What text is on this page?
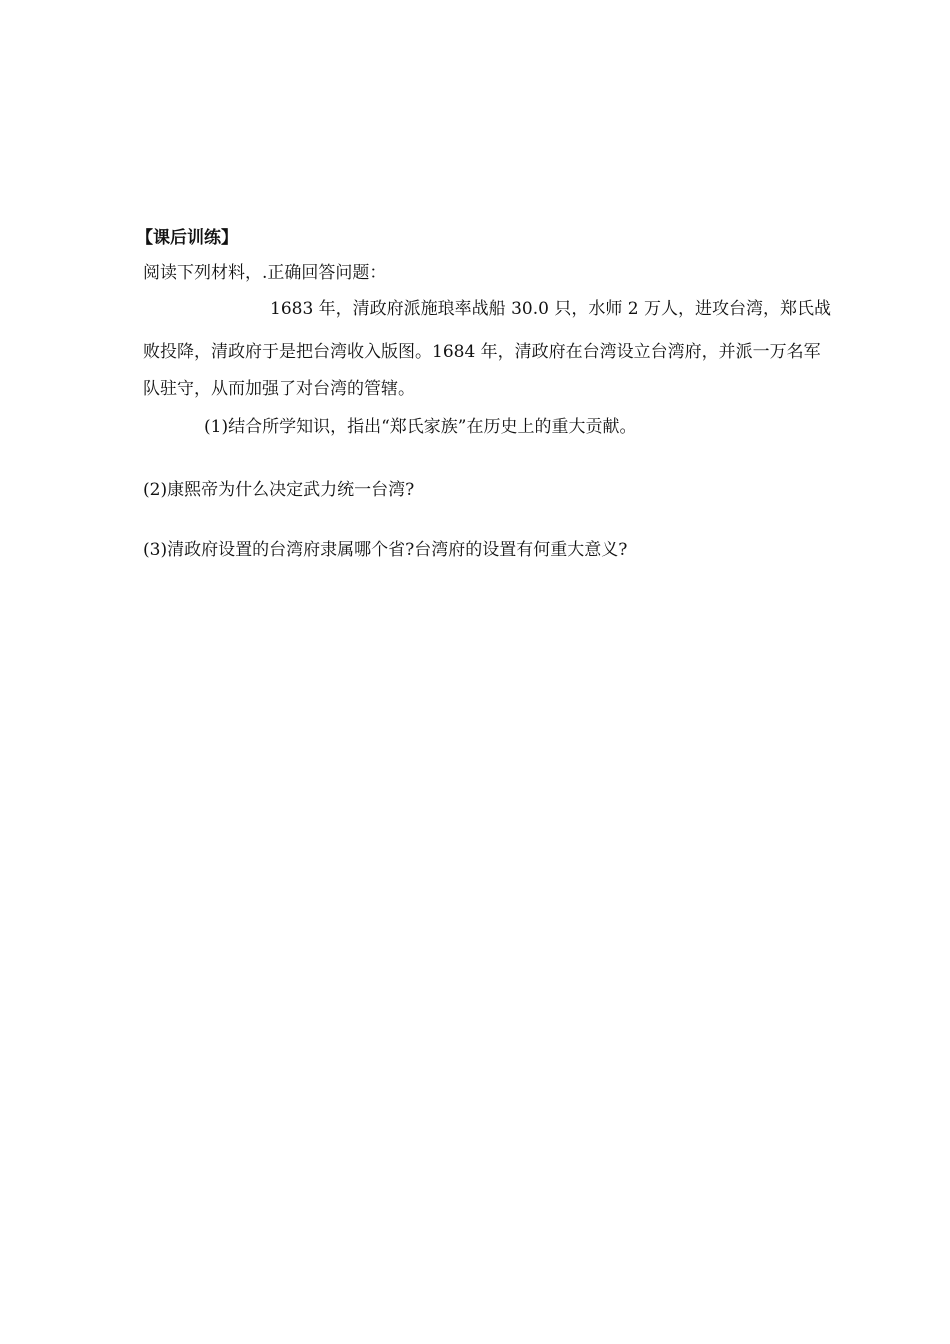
【课后训练】
阅读下列材料，.正确回答问题：
1683 年，清政府派施琅率战船 30.0 只，水师 2 万人，进攻台湾，郑氏战
败投降，清政府于是把台湾收入版图。1684 年，清政府在台湾设立台湾府，并派一万名军
队驻守，从而加强了对台湾的管辖。
(1)结合所学知识，指出“郑氏家族”在历史上的重大贡献。
(2)康熙帝为什么决定武力统一台湾?
(3)清政府设置的台湾府隶属哪个省?台湾府的设置有何重大意义?
